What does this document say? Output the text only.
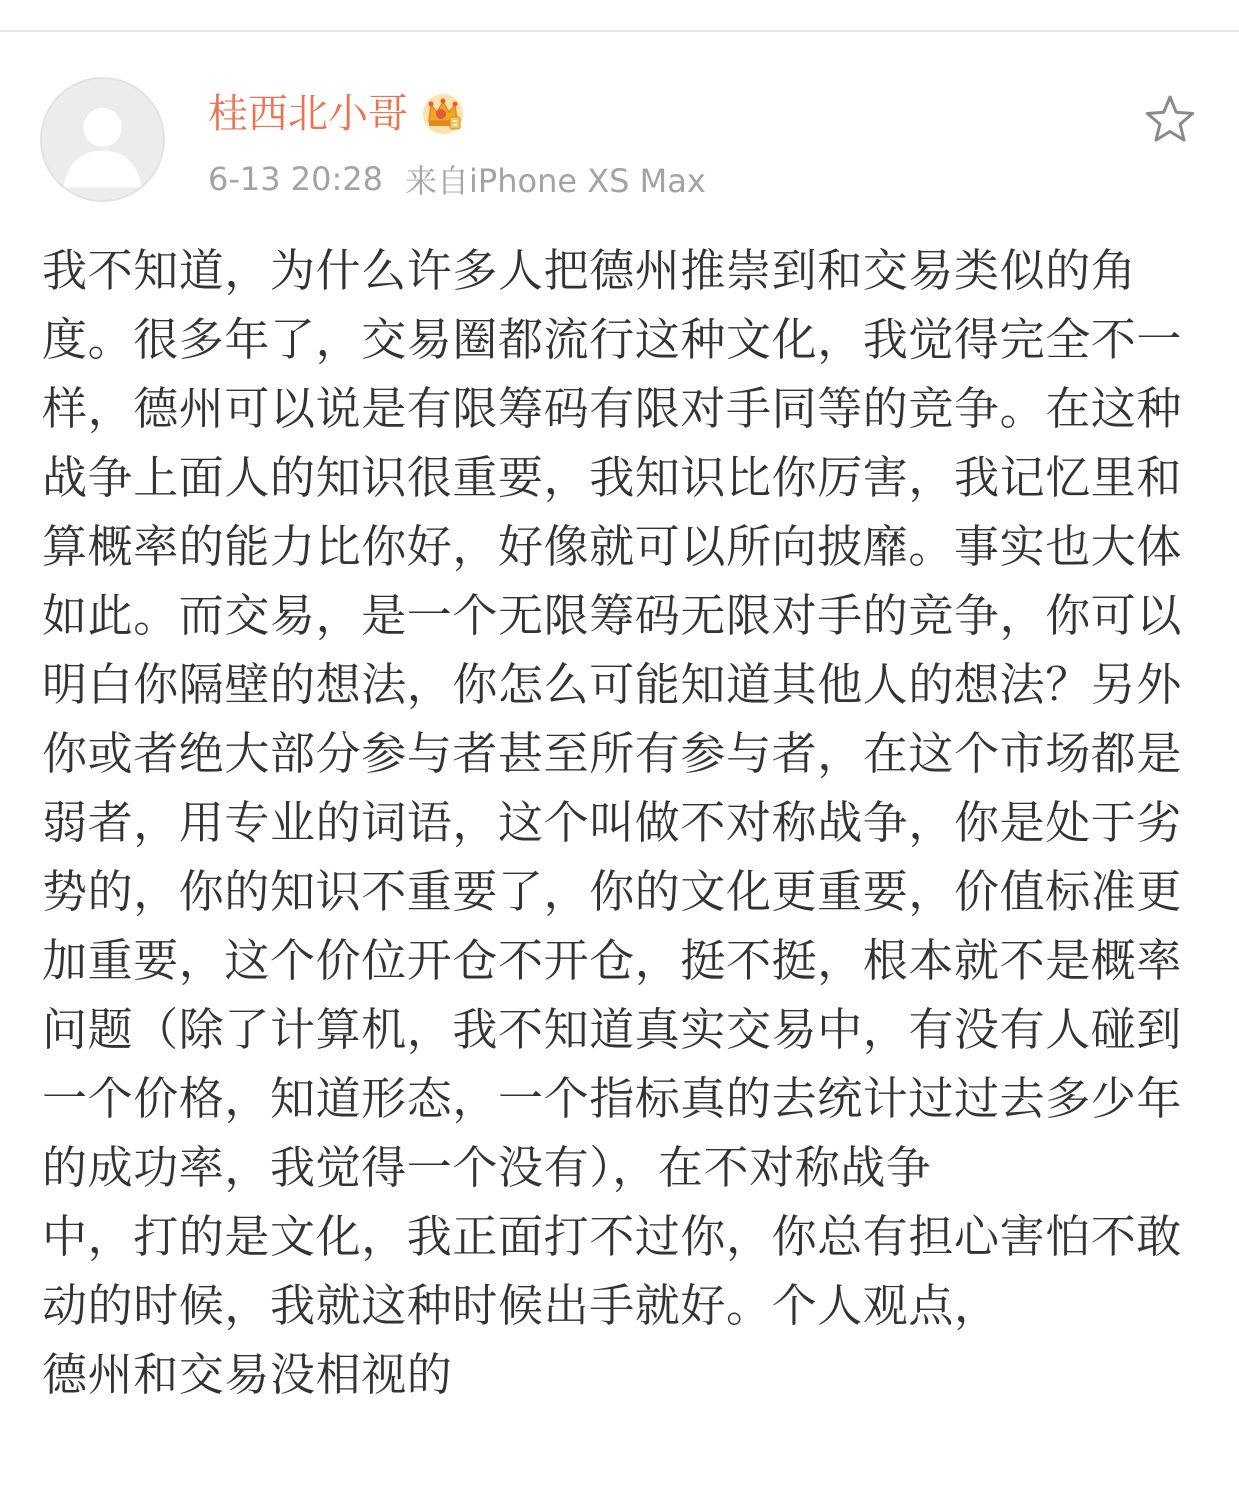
桂西北小哥
6-13 20:28 来自iPhone XS Max
我不知道，为什么许多人把德州推崇到和交易类似的角度。很多年了，交易圈都流行这种文化，我觉得完全不一样，德州可以说是有限筹码有限对手同等的竞争。在这种战争上面人的知识很重要，我知识比你厉害，我记忆里和算概率的能力比你好，好像就可以所向披靡。事实也大体如此。而交易，是一个无限筹码无限对手的竞争，你可以明白你隔壁的想法，你怎么可能知道其他人的想法？另外你或者绝大部分参与者甚至所有参与者，在这个市场都是弱者，用专业的词语，这个叫做不对称战争，你是处于劣势的，你的知识不重要了，你的文化更重要，价值标准更加重要，这个价位开仓不开仓，挺不挺，根本就不是概率问题（除了计算机，我不知道真实交易中，有没有人碰到一个价格，知道形态，一个指标真的去统计过过去多少年的成功率，我觉得一个没有），在不对称战争
中，打的是文化，我正面打不过你，你总有担心害怕不敢动的时候，我就这种时候出手就好。个人观点，
德州和交易没相视的
